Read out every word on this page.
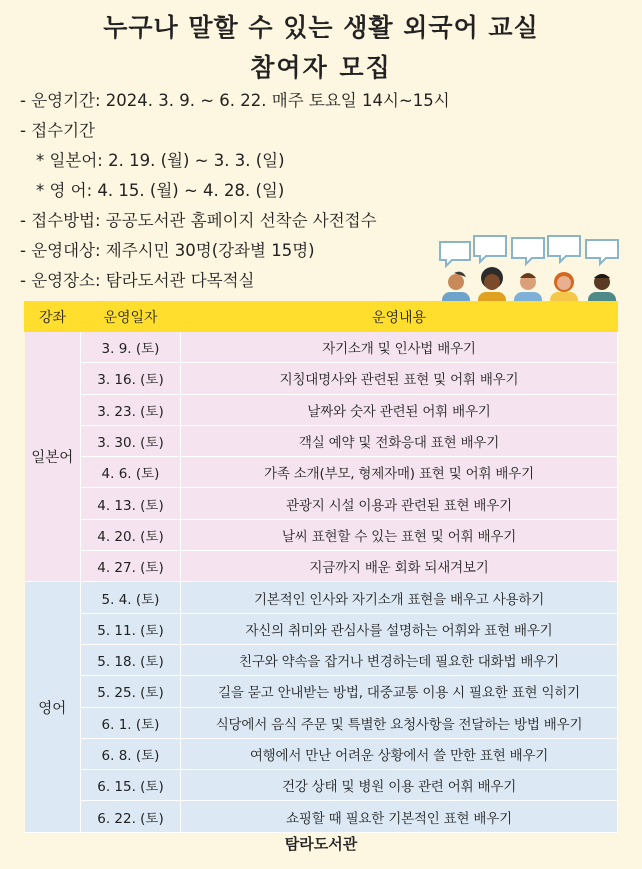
누구나 말할 수 있는 생활 외국어 교실
참여자 모집
- 운영기간: 2024. 3. 9. ~ 6. 22. 매주 토요일 14시~15시
- 접수기간
* 일본어: 2. 19. (월) ~ 3. 3. (일)
* 영 어: 4. 15. (월) ~ 4. 28. (일)
- 접수방법: 공공도서관 홈페이지 선착순 사전접수
- 운영대상: 제주시민 30명(강좌별 15명)
- 운영장소: 탐라도서관 다목적실
강좌	운영일자	운영내용
일본어	3. 9. (토)	자기소개 및 인사법 배우기
	3. 16. (토)	지칭대명사와 관련된 표현 및 어휘 배우기
	3. 23. (토)	날짜와 숫자 관련된 어휘 배우기
	3. 30. (토)	객실 예약 및 전화응대 표현 배우기
	4. 6. (토)	가족 소개(부모, 형제자매) 표현 및 어휘 배우기
	4. 13. (토)	관광지 시설 이용과 관련된 표현 배우기
	4. 20. (토)	날씨 표현할 수 있는 표현 및 어휘 배우기
	4. 27. (토)	지금까지 배운 회화 되새겨보기
영어	5. 4. (토)	기본적인 인사와 자기소개 표현을 배우고 사용하기
	5. 11. (토)	자신의 취미와 관심사를 설명하는 어휘와 표현 배우기
	5. 18. (토)	친구와 약속을 잡거나 변경하는데 필요한 대화법 배우기
	5. 25. (토)	길을 묻고 안내받는 방법, 대중교통 이용 시 필요한 표현 익히기
	6. 1. (토)	식당에서 음식 주문 및 특별한 요청사항을 전달하는 방법 배우기
	6. 8. (토)	여행에서 만난 어려운 상황에서 쓸 만한 표현 배우기
	6. 15. (토)	건강 상태 및 병원 이용 관련 어휘 배우기
	6. 22. (토)	쇼핑할 때 필요한 기본적인 표현 배우기
탐라도서관
